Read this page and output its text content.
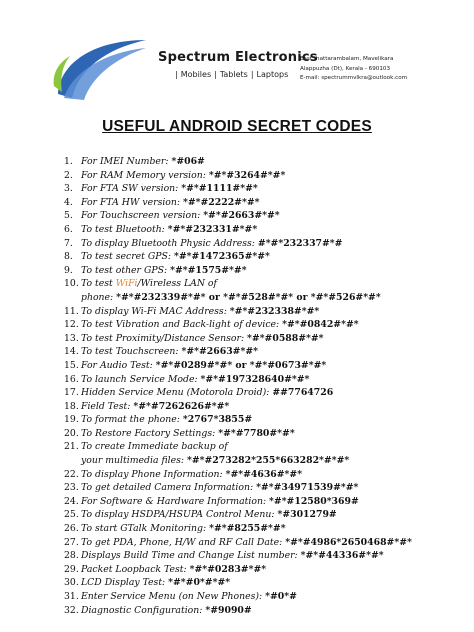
Spectrum Electronics
| Mobiles | Tablets | Laptops
East thattarambalam, Mavelikara
Alappuzha (Dt), Kerala - 690103
E-mail: spectrummvlkra@outlook.com
USEFUL ANDROID SECRET CODES
1. For IMEI Number: *#06#
2. For RAM Memory version: *#*#3264#*#*
3. For FTA SW version: *#*#1111#*#*
4. For FTA HW version: *#*#2222#*#*
5. For Touchscreen version: *#*#2663#*#*
6. To test Bluetooth: *#*#232331#*#*
7. To display Bluetooth Physic Address: #*#*232337#*#
8. To test secret GPS: *#*#1472365#*#*
9. To test other GPS: *#*#1575#*#*
10. To test WiFi/Wireless LAN of
phone: *#*#232339#*#* or *#*#528#*#* or *#*#526#*#*
11. To display Wi-Fi MAC Address: *#*#232338#*#*
12. To test Vibration and Back-light of device: *#*#0842#*#*
13. To test Proximity/Distance Sensor: *#*#0588#*#*
14. To test Touchscreen: *#*#2663#*#*
15. For Audio Test: *#*#0289#*#* or *#*#0673#*#*
16. To launch Service Mode: *#*#197328640#*#*
17. Hidden Service Menu (Motorola Droid): ##7764726
18. Field Test: *#*#7262626#*#*
19. To format the phone: *2767*3855#
20. To Restore Factory Settings: *#*#7780#*#*
21. To create Immediate backup of
your multimedia files: *#*#273282*255*663282*#*#*
22. To display Phone Information: *#*#4636#*#*
23. To get detailed Camera Information: *#*#34971539#*#*
24. For Software & Hardware Information: *#*#12580*369#
25. To display HSDPA/HSUPA Control Menu: *#301279#
26. To start GTalk Monitoring: *#*#8255#*#*
27. To get PDA, Phone, H/W and RF Call Date: *#*#4986*2650468#*#*
28. Displays Build Time and Change List number: *#*#44336#*#*
29. Packet Loopback Test: *#*#0283#*#*
30. LCD Display Test: *#*#0*#*#*
31. Enter Service Menu (on New Phones): *#0*#
32. Diagnostic Configuration: *#9090#
